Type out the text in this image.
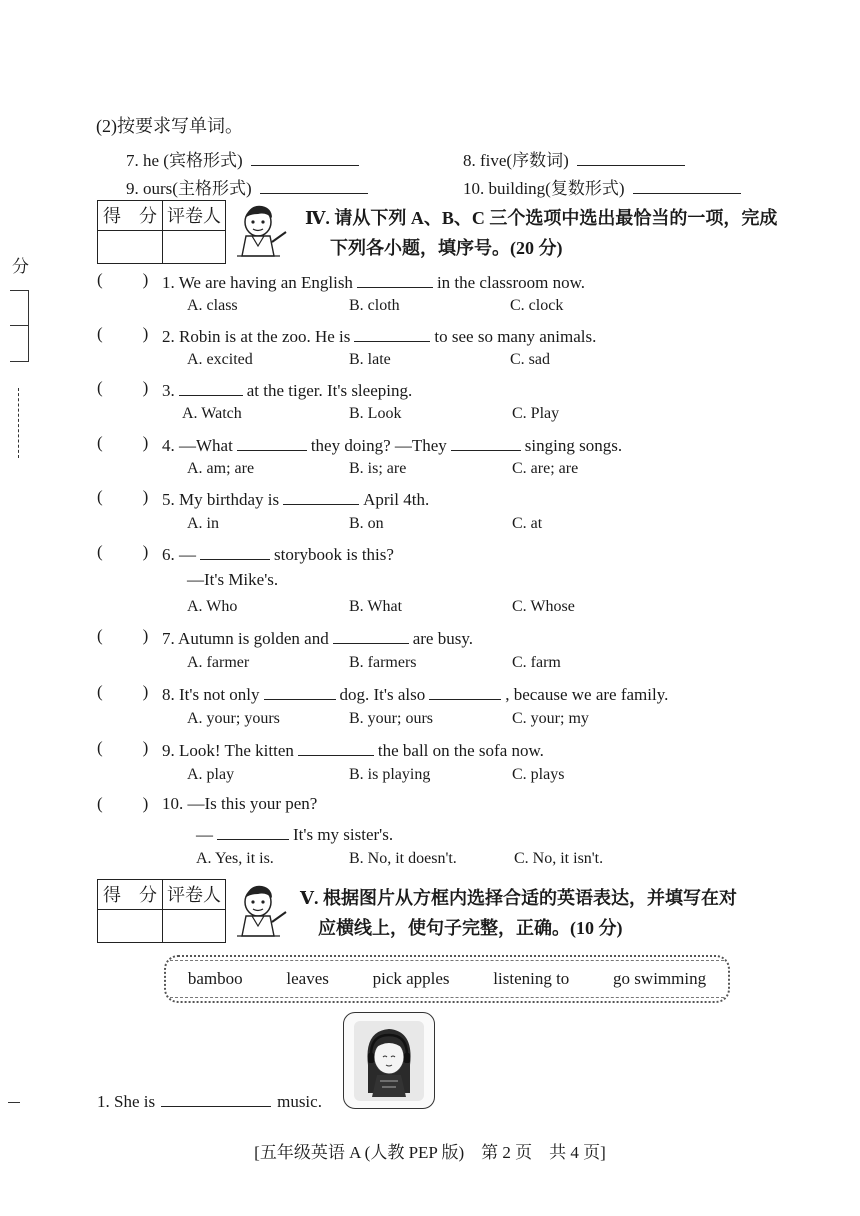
分
(2)按要求写单词。
7. he (宾格形式)	8. five(序数词)
9. ours(主格形式)	10. building(复数形式)
得　分 评卷人	Ⅳ. 请从下列 A、B、C 三个选项中选出最恰当的一项，完成
下列各小题，填序号。(20 分)
( ) 1. We are having an English	in the classroom now.
A. class	B. cloth	C. clock
( ) 2. Robin is at the zoo. He is	to see so many animals.
A. excited	B. late	C. sad
( ) 3.	at the tiger. It's sleeping.
A. Watch	B. Look	C. Play
( ) 4. —What	they doing? —They	singing songs.
A. am; are	B. is; are	C. are; are
( ) 5. My birthday is	April 4th.
A. in	B. on	C. at
( ) 6. —	storybook is this?
—It's Mike's.
A. Who	B. What	C. Whose
( ) 7. Autumn is golden and	are busy.
A. farmer	B. farmers	C. farm
( ) 8. It's not only	dog. It's also	, because we are family.
A. your; yours	B. your; ours	C. your; my
( ) 9. Look! The kitten	the ball on the sofa now.
A. play	B. is playing	C. plays
( ) 10. —Is this your pen?
—	It's my sister's.
A. Yes, it is.	B. No, it doesn't.	C. No, it isn't.
得　分 评卷人	Ⅴ. 根据图片从方框内选择合适的英语表达，并填写在对
应横线上，使句子完整，正确。(10 分)
bamboo	leaves	pick apples	listening to	go swimming
1. She is	music.
[五年级英语 A (人教 PEP 版)　第 2 页　共 4 页]
